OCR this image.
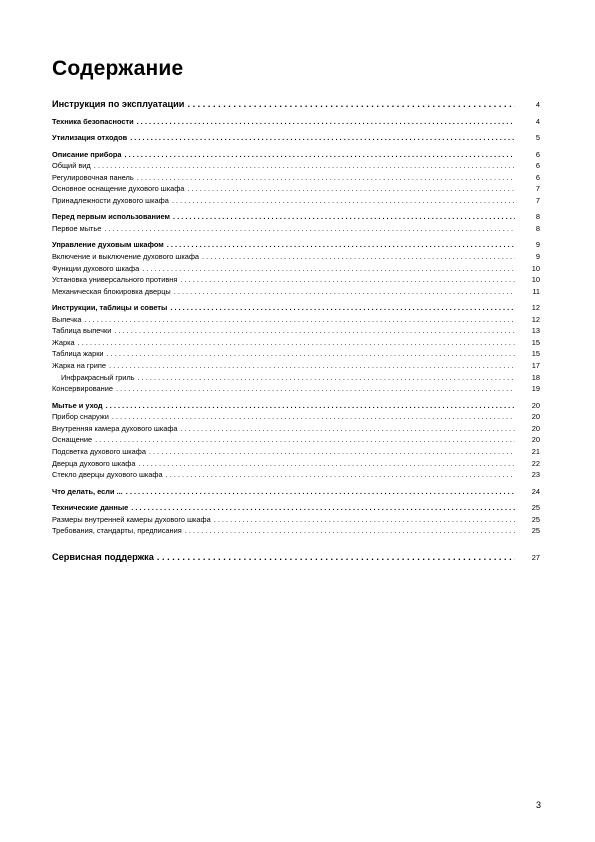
Содержание
Инструкция по эксплуатации . . .	4
Техника безопасности . . .	4
Утилизация отходов . . .	5
Описание прибора . . .	6
Общий вид . . .	6
Регулировочная панель . . .	6
Основное оснащение духового шкафа . . .	7
Принадлежности духового шкафа . . .	7
Перед первым использованием . . .	8
Первое мытье . . .	8
Управление духовым шкафом . . .	9
Включение и выключение духового шкафа . . .	9
Функции духового шкафа . . .	10
Установка универсального противня . . .	10
Механическая блокировка дверцы . . .	11
Инструкции, таблицы и советы . . .	12
Выпечка . . .	12
Таблица выпечки . . .	13
Жарка . . .	15
Таблица жарки . . .	15
Жарка на грипе . . .	17
Инфракрасный гриль . . .	18
Консервирование . . .	19
Мытье и уход . . .	20
Прибор снаружи . . .	20
Внутренняя камера духового шкафа . . .	20
Оснащение . . .	20
Подсветка духового шкафа . . .	21
Дверца духового шкафа . . .	22
Стекло дверцы духового шкафа . . .	23
Что делать, если ... . . .	24
Технические данные . . .	25
Размеры внутренней камеры духового шкафа . . .	25
Требования, стандарты, предписания . . .	25
Сервисная поддержка . . .	27
3
